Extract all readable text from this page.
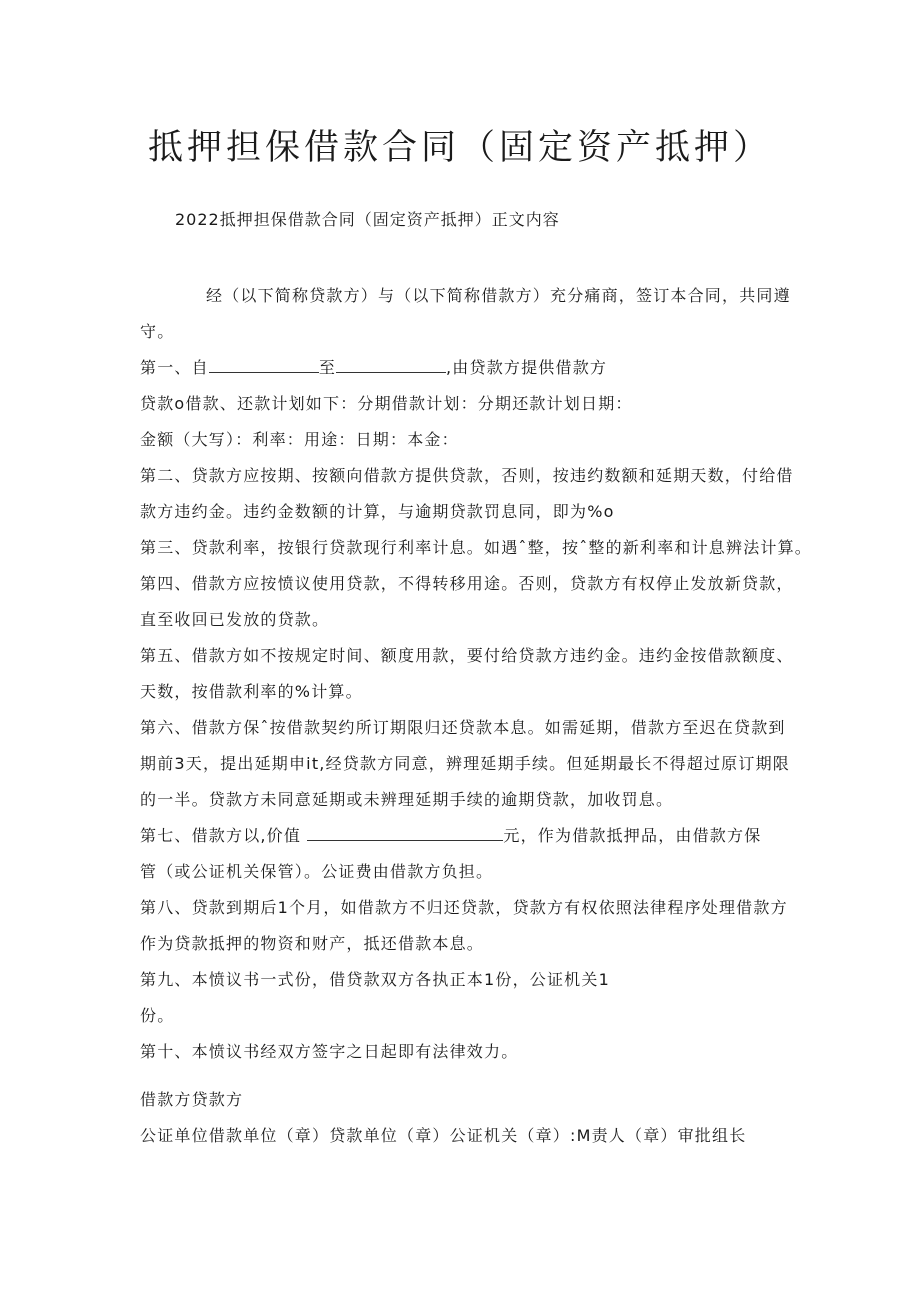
抵押担保借款合同（固定资产抵押）
2022抵押担保借款合同（固定资产抵押）正文内容

经（以下简称贷款方）与（以下简称借款方）充分痛商，签订本合同，共同遵守。

第一、自	至	,由贷款方提供借款方

贷款o借款、还款计划如下：分期借款计划：分期还款计划日期：

金额（大写）：利率：用途：日期：本金：

第二、贷款方应按期、按额向借款方提供贷款，否则，按违约数额和延期天数，付给借款方违约金。违约金数额的计算，与逾期贷款罚息同，即为%o

第三、贷款利率，按银行贷款现行利率计息。如遇ˆ整，按ˆ整的新利率和计息辨法计算。

第四、借款方应按愤议使用贷款，不得转移用途。否则，贷款方有权停止发放新贷款，直至收回已发放的贷款。

第五、借款方如不按规定时间、额度用款，要付给贷款方违约金。违约金按借款额度、天数，按借款利率的%计算。

第六、借款方保ˆ按借款契约所订期限归还贷款本息。如需延期，借款方至迟在贷款到期前3天，提出延期申it,经贷款方同意，辨理延期手续。但延期最长不得超过原订期限的一半。贷款方未同意延期或未辨理延期手续的逾期贷款，加收罚息。

第七、借款方以,价值	元，作为借款抵押品，由借款方保

管（或公证机关保管）。公证费由借款方负担。

第八、贷款到期后1个月，如借款方不归还贷款，贷款方有权依照法律程序处理借款方作为贷款抵押的物资和财产，抵还借款本息。

第九、本愤议书一式份，借贷款双方各执正本1份，公证机关1

份。

第十、本愤议书经双方签字之日起即有法律效力。

借款方贷款方

公证单位借款单位（章）贷款单位（章）公证机关（章）:M责人（章）审批组长
